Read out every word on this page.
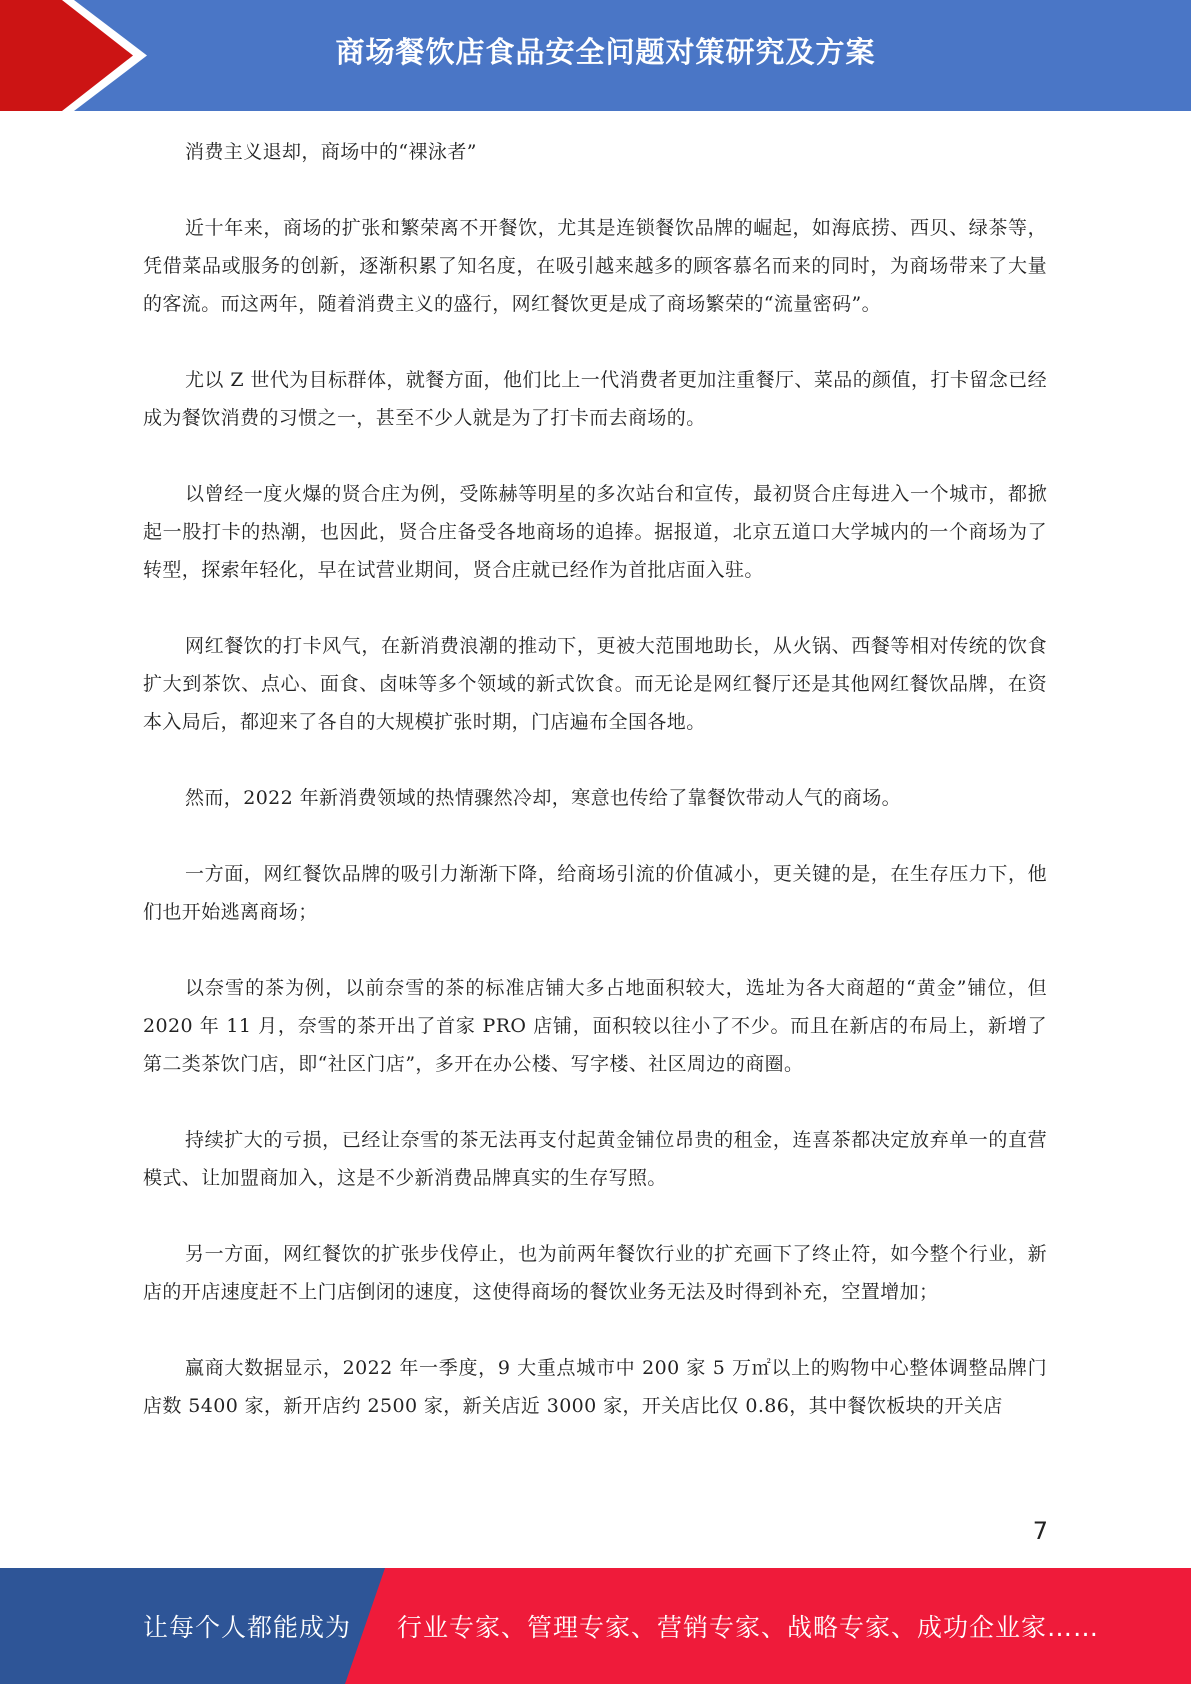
商场餐饮店食品安全问题对策研究及方案

消费主义退却，商场中的“裸泳者”

近十年来，商场的扩张和繁荣离不开餐饮，尤其是连锁餐饮品牌的崛起，如海底捞、西贝、绿茶等，凭借菜品或服务的创新，逐渐积累了知名度，在吸引越来越多的顾客慕名而来的同时，为商场带来了大量的客流。而这两年，随着消费主义的盛行，网红餐饮更是成了商场繁荣的“流量密码”。

尤以 Z 世代为目标群体，就餐方面，他们比上一代消费者更加注重餐厅、菜品的颜值，打卡留念已经成为餐饮消费的习惯之一，甚至不少人就是为了打卡而去商场的。

以曾经一度火爆的贤合庄为例，受陈赫等明星的多次站台和宣传，最初贤合庄每进入一个城市，都掀起一股打卡的热潮，也因此，贤合庄备受各地商场的追捧。据报道，北京五道口大学城内的一个商场为了转型，探索年轻化，早在试营业期间，贤合庄就已经作为首批店面入驻。

网红餐饮的打卡风气，在新消费浪潮的推动下，更被大范围地助长，从火锅、西餐等相对传统的饮食扩大到茶饮、点心、面食、卤味等多个领域的新式饮食。而无论是网红餐厅还是其他网红餐饮品牌，在资本入局后，都迎来了各自的大规模扩张时期，门店遍布全国各地。

然而，2022 年新消费领域的热情骤然冷却，寒意也传给了靠餐饮带动人气的商场。

一方面，网红餐饮品牌的吸引力渐渐下降，给商场引流的价值减小，更关键的是，在生存压力下，他们也开始逃离商场；

以奈雪的茶为例，以前奈雪的茶的标准店铺大多占地面积较大，选址为各大商超的“黄金”铺位，但 2020 年 11 月，奈雪的茶开出了首家 PRO 店铺，面积较以往小了不少。而且在新店的布局上，新增了第二类茶饮门店，即“社区门店”，多开在办公楼、写字楼、社区周边的商圈。

持续扩大的亏损，已经让奈雪的茶无法再支付起黄金铺位昂贵的租金，连喜茶都决定放弃单一的直营模式、让加盟商加入，这是不少新消费品牌真实的生存写照。

另一方面，网红餐饮的扩张步伐停止，也为前两年餐饮行业的扩充画下了终止符，如今整个行业，新店的开店速度赶不上门店倒闭的速度，这使得商场的餐饮业务无法及时得到补充，空置增加；

赢商大数据显示，2022 年一季度，9 大重点城市中 200 家 5 万㎡以上的购物中心整体调整品牌门店数 5400 家，新开店约 2500 家，新关店近 3000 家，开关店比仅 0.86，其中餐饮板块的开关店

7
让每个人都能成为 行业专家、管理专家、营销专家、战略专家、成功企业家……
